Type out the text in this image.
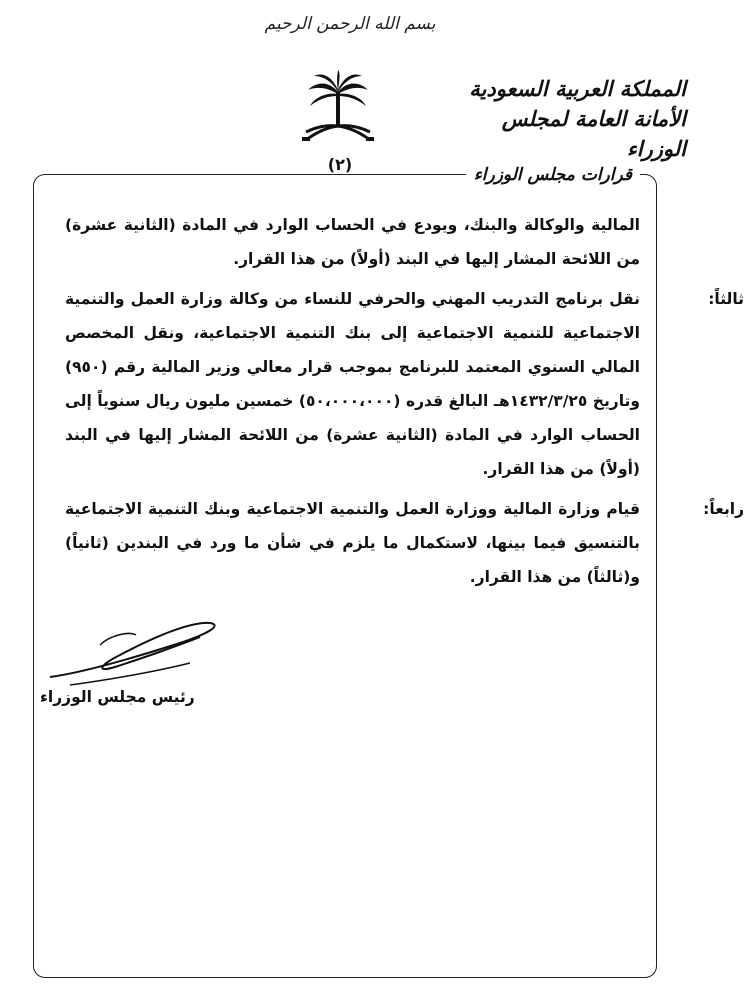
بسم الله الرحمن الرحيم
المملكة العربية السعودية
الأمانة العامة لمجلس الوزراء
(٢)
قرارات مجلس الوزراء

المالية والوكالة والبنك، ويودع في الحساب الوارد في المادة (الثانية عشرة) من اللائحة المشار إليها في البند (أولاً) من هذا القرار.

ثالثاً:
نقل برنامج التدريب المهني والحرفي للنساء من وكالة وزارة العمل والتنمية الاجتماعية للتنمية الاجتماعية إلى بنك التنمية الاجتماعية، ونقل المخصص المالي السنوي المعتمد للبرنامج بموجب قرار معالي وزير المالية رقم (٩٥٠) وتاريخ ١٤٣٢/٣/٢٥هـ البالغ قدره (٥٠،٠٠٠،٠٠٠) خمسين مليون ريال سنوياً إلى الحساب الوارد في المادة (الثانية عشرة) من اللائحة المشار إليها في البند (أولاً) من هذا القرار.
رابعاً:
قيام وزارة المالية ووزارة العمل والتنمية الاجتماعية وبنك التنمية الاجتماعية بالتنسيق فيما بينها، لاستكمال ما يلزم في شأن ما ورد في البندين (ثانياً) و(ثالثاً) من هذا القرار.
رئيس مجلس الوزراء
